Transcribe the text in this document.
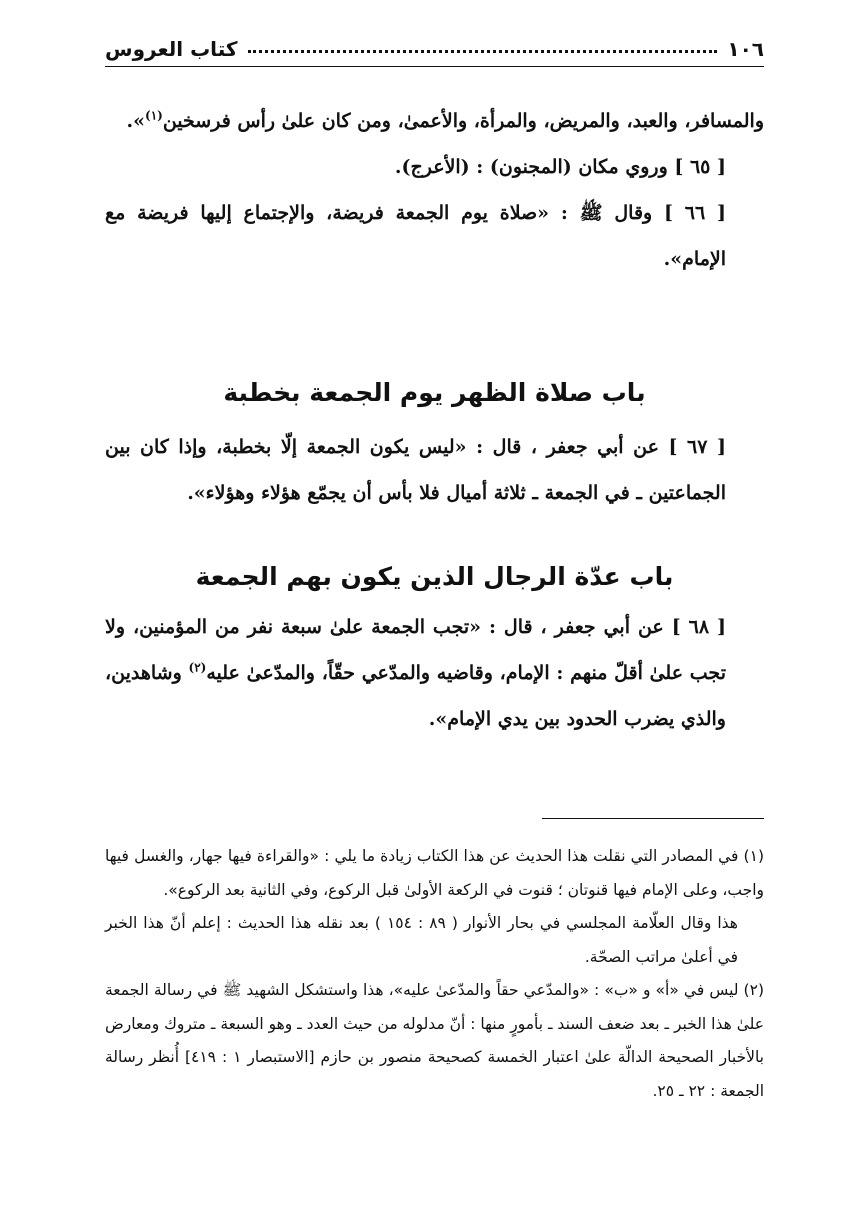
١٠٦
كتاب العروس

والمسافر، والعبد، والمريض، والمرأة، والأعمىٰ، ومن كان علىٰ رأس فرسخين$^{(١)}$».

[ ٦٥ ] وروي مكان (المجنون) : (الأعرج).

[ ٦٦ ] وقال ﷺ : «صلاة يوم الجمعة فريضة، والإجتماع إليها فريضة مع الإمام».

باب صلاة الظهر يوم الجمعة بخطبة

[ ٦٧ ] عن أبي جعفر ، قال : «ليس يكون الجمعة إلّا بخطبة، وإذا كان بين الجماعتين ـ في الجمعة ـ ثلاثة أميال فلا بأس أن يجمّع هؤلاء وهؤلاء».

باب عدّة الرجال الذين يكون بهم الجمعة

[ ٦٨ ] عن أبي جعفر ، قال : «تجب الجمعة علىٰ سبعة نفر من المؤمنين، ولا تجب علىٰ أقلّ منهم : الإمام، وقاضيه والمدّعي حقّاً، والمدّعىٰ عليه$^{(٢)}$ وشاهدين، والذي يضرب الحدود بين يدي الإمام».

(١) في المصادر التي نقلت هذا الحديث عن هذا الكتاب زيادة ما يلي : «والقراءة فيها جهار، والغسل فيها واجب، وعلى الإمام فيها قنوتان ؛ قنوت في الركعة الأولىٰ قبل الركوع، وفي الثانية بعد الركوع».

هذا وقال العلّامة المجلسي في بحار الأنوار ( ٨٩ : ١٥٤ ) بعد نقله هذا الحديث : إعلم أنّ هذا الخبر في أعلىٰ مراتب الصحّة.

(٢) ليس في «أ» و «ب» : «والمدّعي حقاً والمدّعىٰ عليه»، هذا واستشكل الشهيد ﷺ في رسالة الجمعة علىٰ هذا الخبر ـ بعد ضعف السند ـ بأمورٍ منها : أنّ مدلوله من حيث العدد ـ وهو السبعة ـ متروك ومعارض بالأخبار الصحيحة الدالّة علىٰ اعتبار الخمسة كصحيحة منصور بن حازم [الاستبصار ١ : ٤١٩] أُنظر رسالة الجمعة : ٢٢ ـ ٢٥.
